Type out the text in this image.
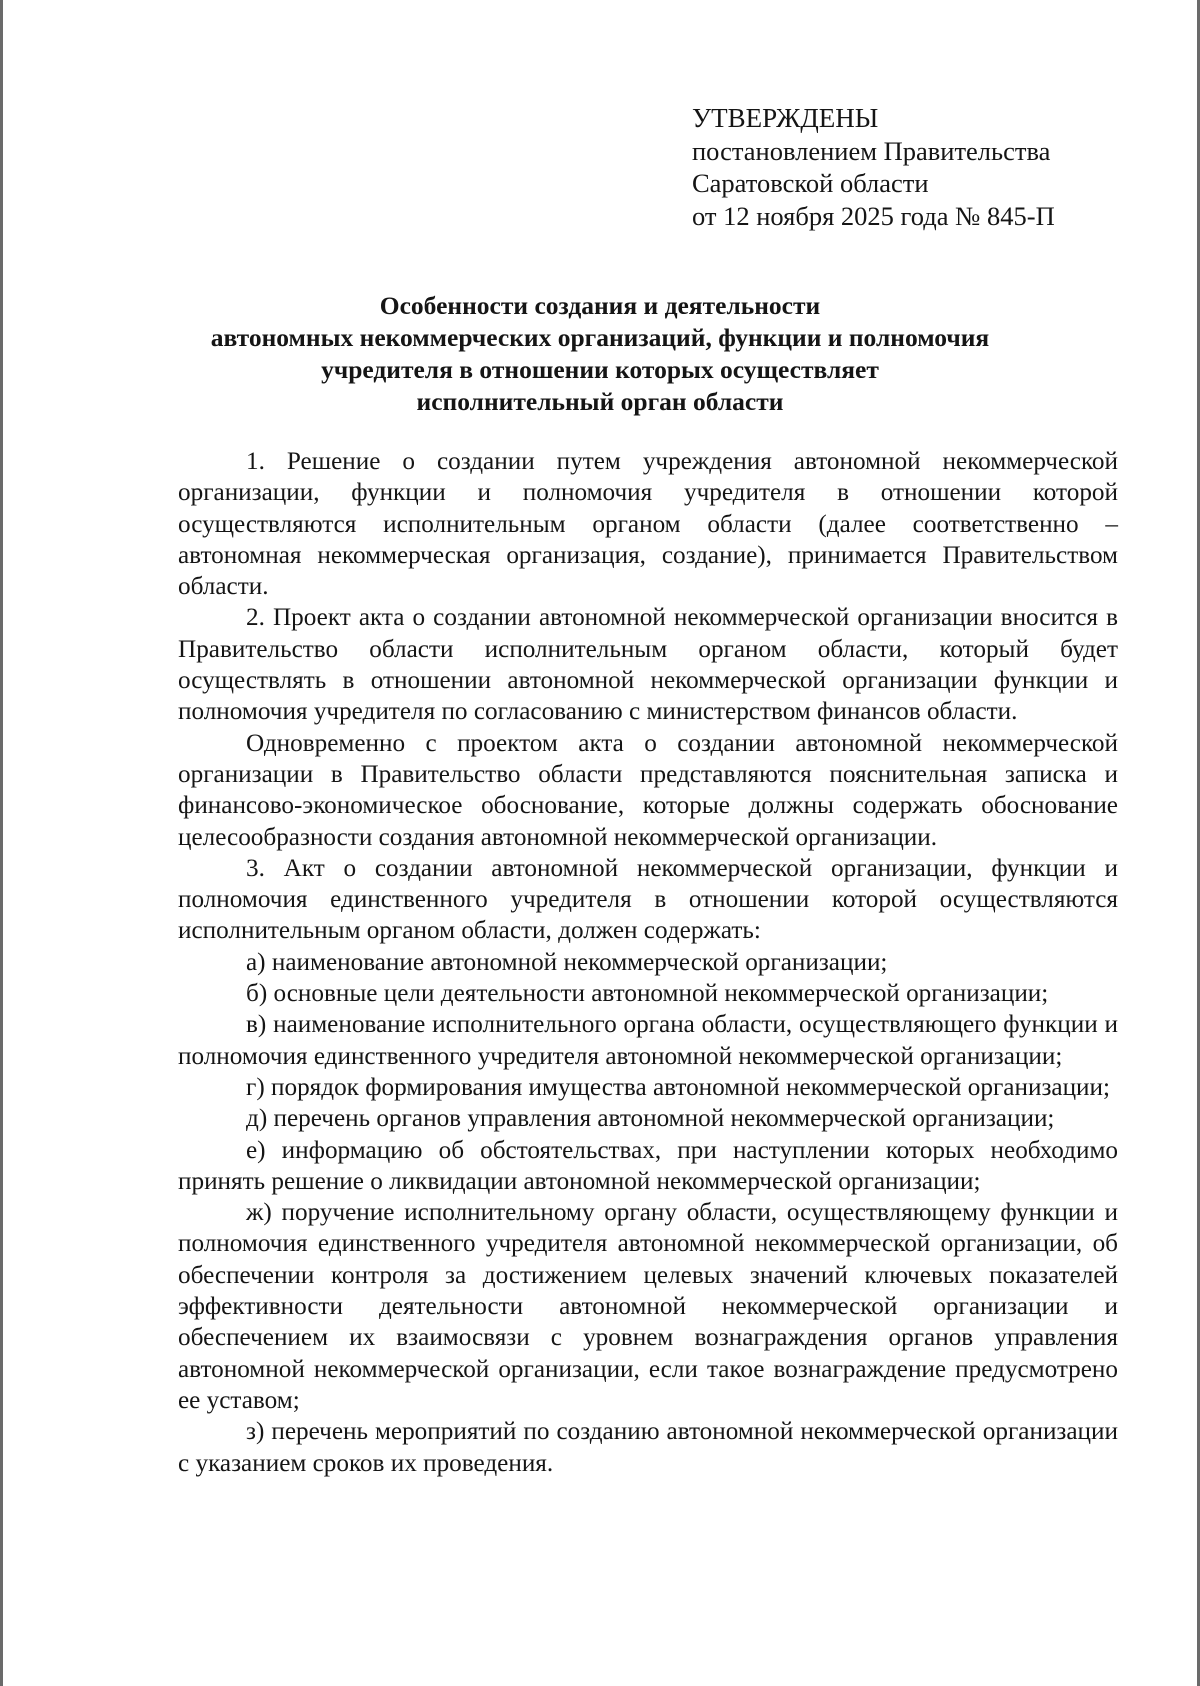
УТВЕРЖДЕНЫ
постановлением Правительства
Саратовской области
от 12 ноября 2025 года № 845-П
Особенности создания и деятельности
автономных некоммерческих организаций, функции и полномочия
учредителя в отношении которых осуществляет
исполнительный орган области

1. Решение о создании путем учреждения автономной некоммерческой организации, функции и полномочия учредителя в отношении которой осуществляются исполнительным органом области (далее соответственно – автономная некоммерческая организация, создание), принимается Правительством области.

2. Проект акта о создании автономной некоммерческой организации вносится в Правительство области исполнительным органом области, который будет осуществлять в отношении автономной некоммерческой организации функции и полномочия учредителя по согласованию с министерством финансов области.

Одновременно с проектом акта о создании автономной некоммерческой организации в Правительство области представляются пояснительная записка и финансово-экономическое обоснование, которые должны содержать обоснование целесообразности создания автономной некоммерческой организации.

3. Акт о создании автономной некоммерческой организации, функции и полномочия единственного учредителя в отношении которой осуществляются исполнительным органом области, должен содержать:

а) наименование автономной некоммерческой организации;

б) основные цели деятельности автономной некоммерческой организации;

в) наименование исполнительного органа области, осуществляющего функции и полномочия единственного учредителя автономной некоммерческой организации;

г) порядок формирования имущества автономной некоммерческой организации;

д) перечень органов управления автономной некоммерческой организации;

е) информацию об обстоятельствах, при наступлении которых необходимо принять решение о ликвидации автономной некоммерческой организации;

ж) поручение исполнительному органу области, осуществляющему функции и полномочия единственного учредителя автономной некоммерческой организации, об обеспечении контроля за достижением целевых значений ключевых показателей эффективности деятельности автономной некоммерческой организации и обеспечением их взаимосвязи с уровнем вознаграждения органов управления автономной некоммерческой организации, если такое вознаграждение предусмотрено ее уставом;

з) перечень мероприятий по созданию автономной некоммерческой организации с указанием сроков их проведения.
